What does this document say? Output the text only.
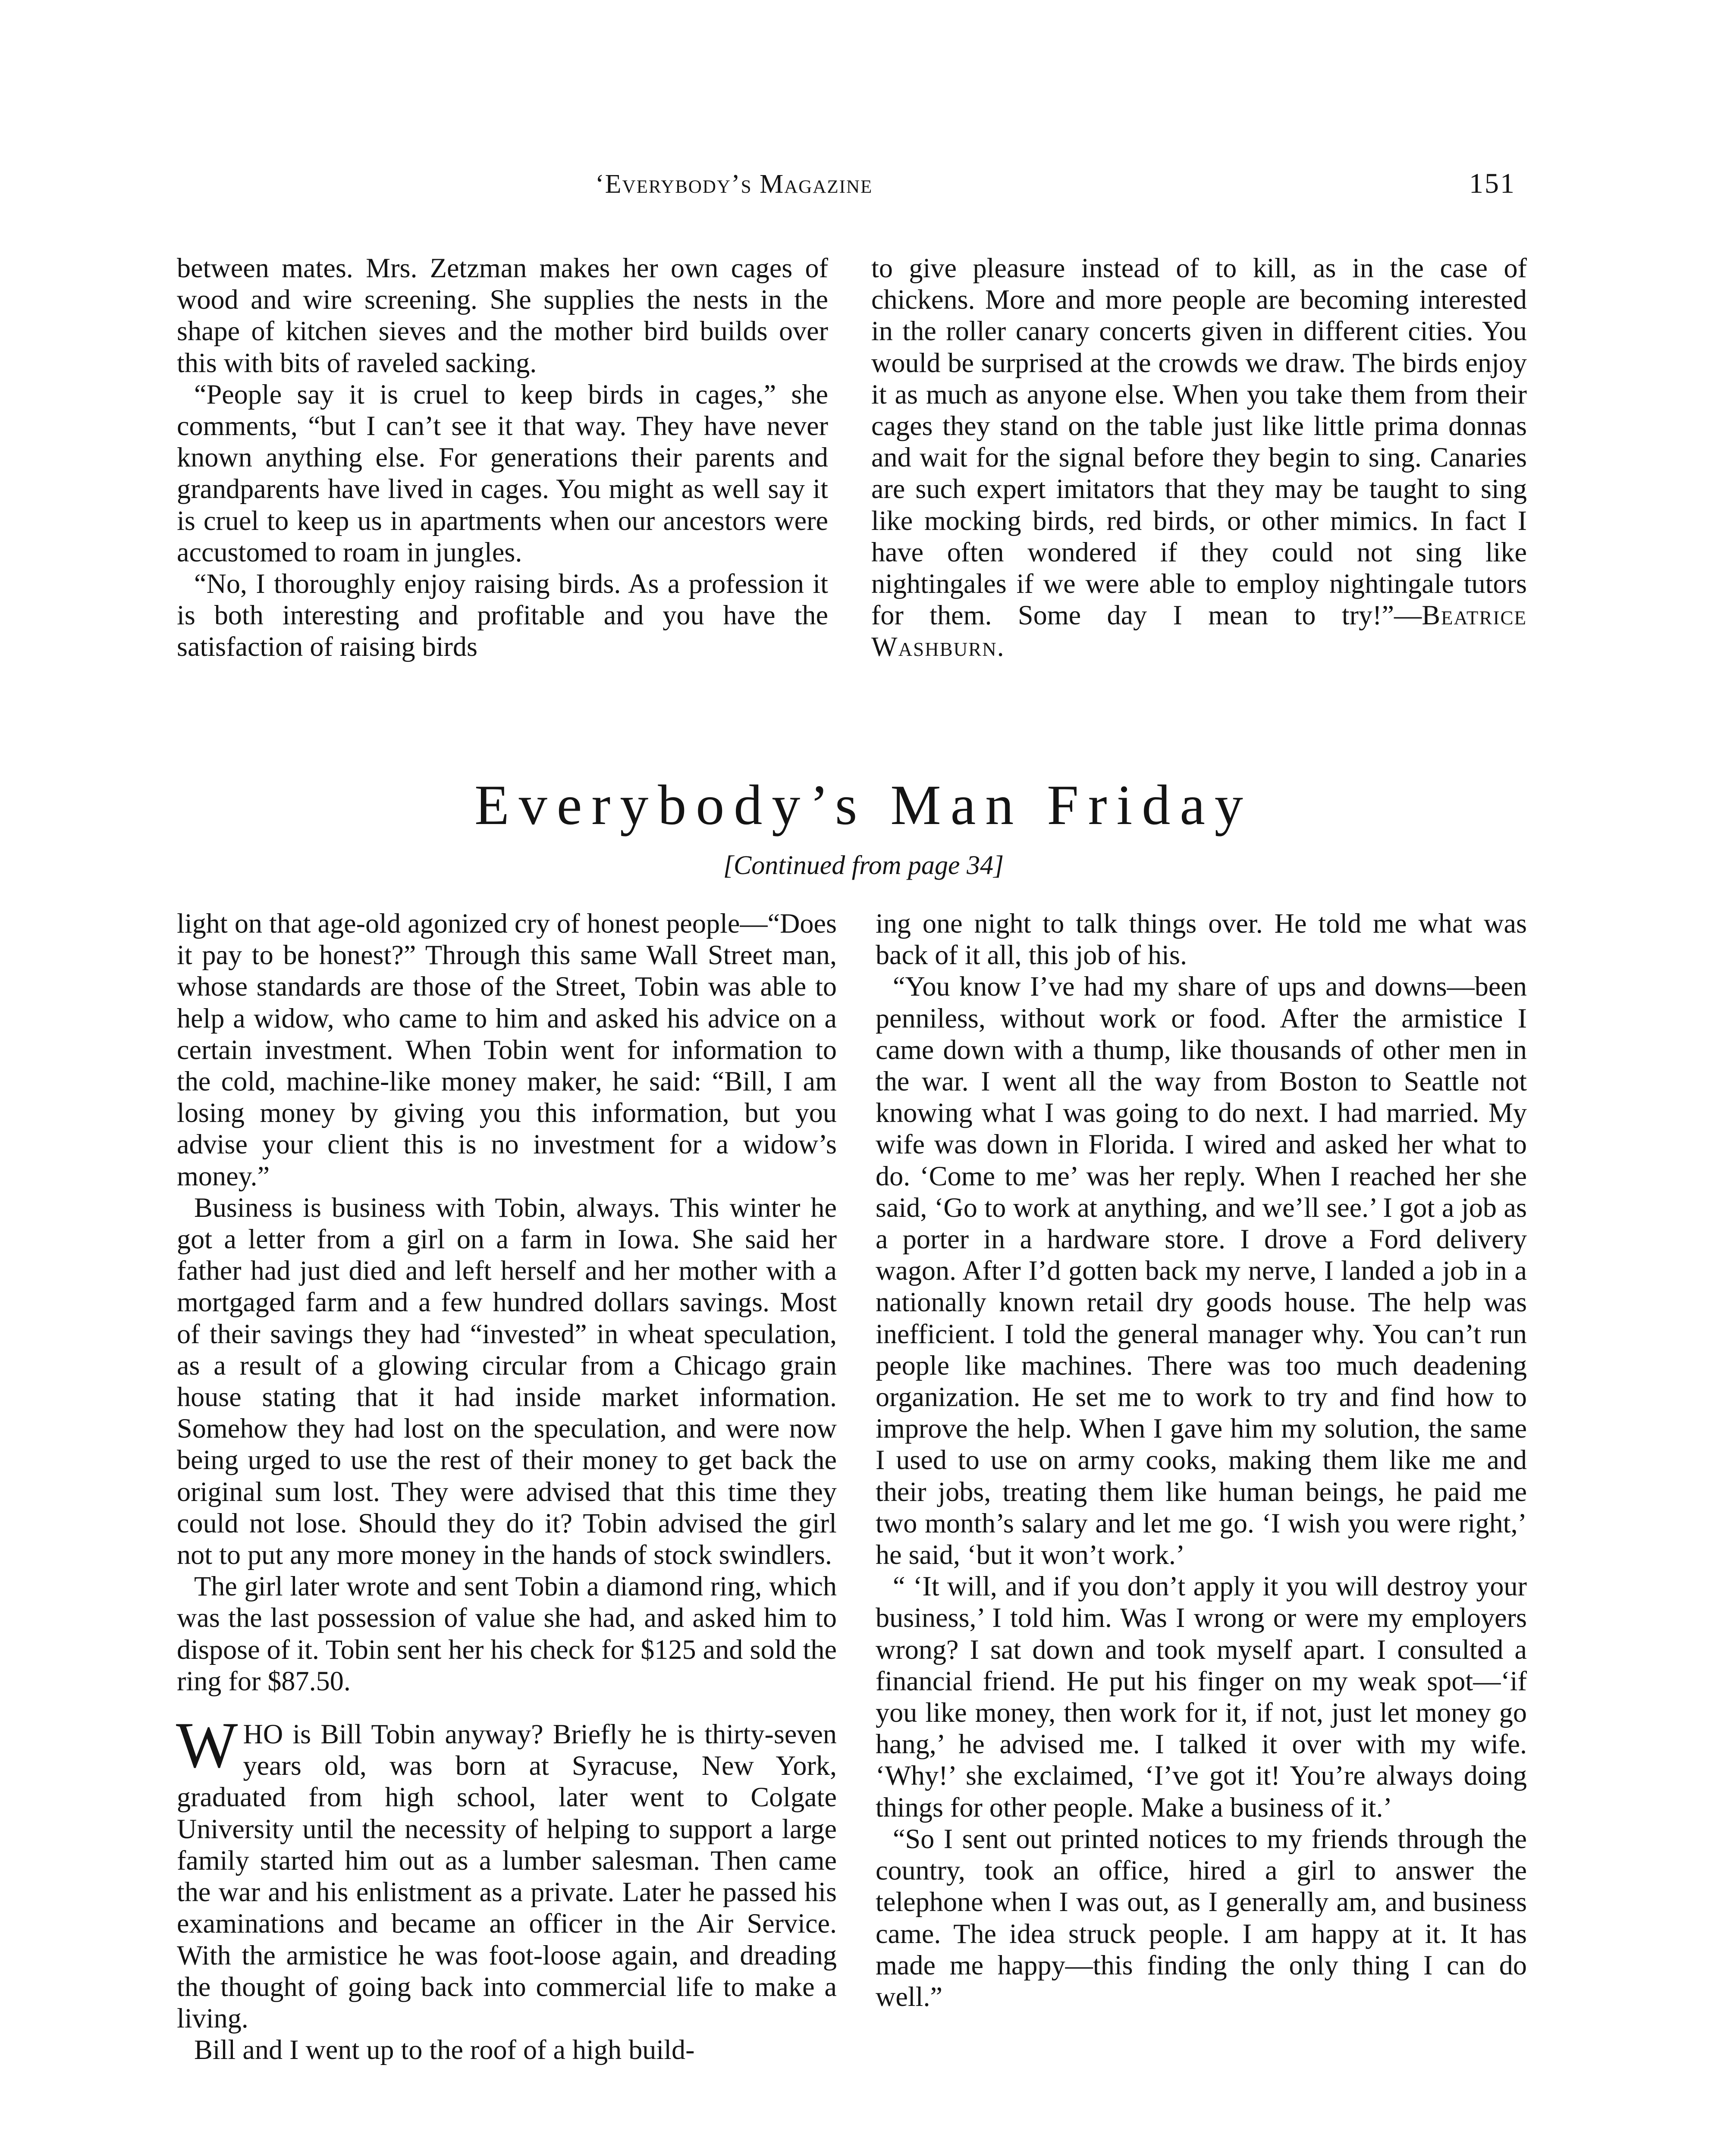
‘Everybody’s Magazine	151

between mates. Mrs. Zetzman makes her own cages of wood and wire screening. She supplies the nests in the shape of kitchen sieves and the mother bird builds over this with bits of raveled sacking.

“People say it is cruel to keep birds in cages,” she comments, “but I can’t see it that way. They have never known anything else. For generations their parents and grandparents have lived in cages. You might as well say it is cruel to keep us in apartments when our ancestors were accustomed to roam in jungles.

“No, I thoroughly enjoy raising birds. As a profession it is both interesting and profitable and you have the satisfaction of raising birds

to give pleasure instead of to kill, as in the case of chickens. More and more people are becoming interested in the roller canary concerts given in different cities. You would be surprised at the crowds we draw. The birds enjoy it as much as anyone else. When you take them from their cages they stand on the table just like little prima donnas and wait for the signal before they begin to sing. Canaries are such expert imitators that they may be taught to sing like mocking birds, red birds, or other mimics. In fact I have often wondered if they could not sing like nightingales if we were able to employ nightingale tutors for them. Some day I mean to try!”—Beatrice Washburn.

Everybody’s Man Friday
[Continued from page 34]

light on that age-old agonized cry of honest people—“Does it pay to be honest?” Through this same Wall Street man, whose standards are those of the Street, Tobin was able to help a widow, who came to him and asked his advice on a certain investment. When Tobin went for information to the cold, machine-like money maker, he said: “Bill, I am losing money by giving you this information, but you advise your client this is no investment for a widow’s money.”

Business is business with Tobin, always. This winter he got a letter from a girl on a farm in Iowa. She said her father had just died and left herself and her mother with a mortgaged farm and a few hundred dollars savings. Most of their savings they had “invested” in wheat speculation, as a result of a glowing circular from a Chicago grain house stating that it had inside market information. Somehow they had lost on the speculation, and were now being urged to use the rest of their money to get back the original sum lost. They were advised that this time they could not lose. Should they do it? Tobin advised the girl not to put any more money in the hands of stock swindlers.

The girl later wrote and sent Tobin a diamond ring, which was the last possession of value she had, and asked him to dispose of it. Tobin sent her his check for $125 and sold the ring for $87.50.

WHO is Bill Tobin anyway? Briefly he is thirty-seven years old, was born at Syracuse, New York, graduated from high school, later went to Colgate University until the necessity of helping to support a large family started him out as a lumber salesman. Then came the war and his enlistment as a private. Later he passed his examinations and became an officer in the Air Service. With the armistice he was foot-loose again, and dreading the thought of going back into commercial life to make a living.

Bill and I went up to the roof of a high build-

ing one night to talk things over. He told me what was back of it all, this job of his.

“You know I’ve had my share of ups and downs—been penniless, without work or food. After the armistice I came down with a thump, like thousands of other men in the war. I went all the way from Boston to Seattle not knowing what I was going to do next. I had married. My wife was down in Florida. I wired and asked her what to do. ‘Come to me’ was her reply. When I reached her she said, ‘Go to work at anything, and we’ll see.’ I got a job as a porter in a hardware store. I drove a Ford delivery wagon. After I’d gotten back my nerve, I landed a job in a nationally known retail dry goods house. The help was inefficient. I told the general manager why. You can’t run people like machines. There was too much deadening organization. He set me to work to try and find how to improve the help. When I gave him my solution, the same I used to use on army cooks, making them like me and their jobs, treating them like human beings, he paid me two month’s salary and let me go. ‘I wish you were right,’ he said, ‘but it won’t work.’

“ ‘It will, and if you don’t apply it you will destroy your business,’ I told him. Was I wrong or were my employers wrong? I sat down and took myself apart. I consulted a financial friend. He put his finger on my weak spot—‘if you like money, then work for it, if not, just let money go hang,’ he advised me. I talked it over with my wife. ‘Why!’ she exclaimed, ‘I’ve got it! You’re always doing things for other people. Make a business of it.’

“So I sent out printed notices to my friends through the country, took an office, hired a girl to answer the telephone when I was out, as I generally am, and business came. The idea struck people. I am happy at it. It has made me happy—this finding the only thing I can do well.”
